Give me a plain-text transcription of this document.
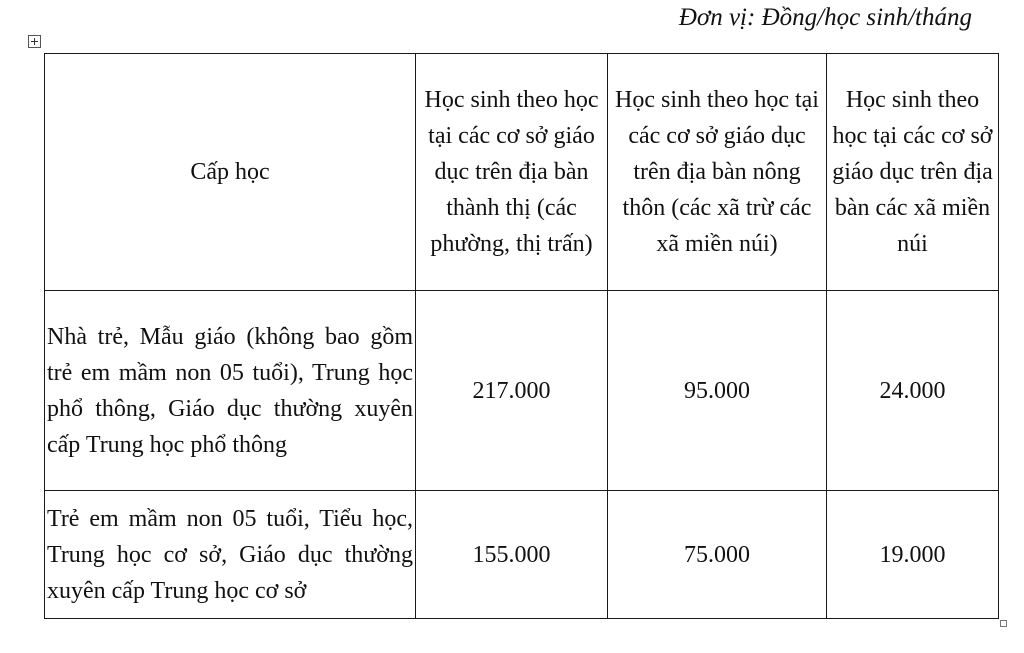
Đơn vị: Đồng/học sinh/tháng
Cấp học	Học sinh theo học tại các cơ sở giáo dục trên địa bàn thành thị (các phường, thị trấn)	Học sinh theo học tại các cơ sở giáo dục trên địa bàn nông thôn (các xã trừ các xã miền núi)	Học sinh theo học tại các cơ sở giáo dục trên địa bàn các xã miền núi
Nhà trẻ, Mẫu giáo (không bao gồm trẻ em mầm non 05 tuổi), Trung học phổ thông, Giáo dục thường xuyên cấp Trung học phổ thông	217.000	95.000	24.000
Trẻ em mầm non 05 tuổi, Tiểu học, Trung học cơ sở, Giáo dục thường xuyên cấp Trung học cơ sở	155.000	75.000	19.000
